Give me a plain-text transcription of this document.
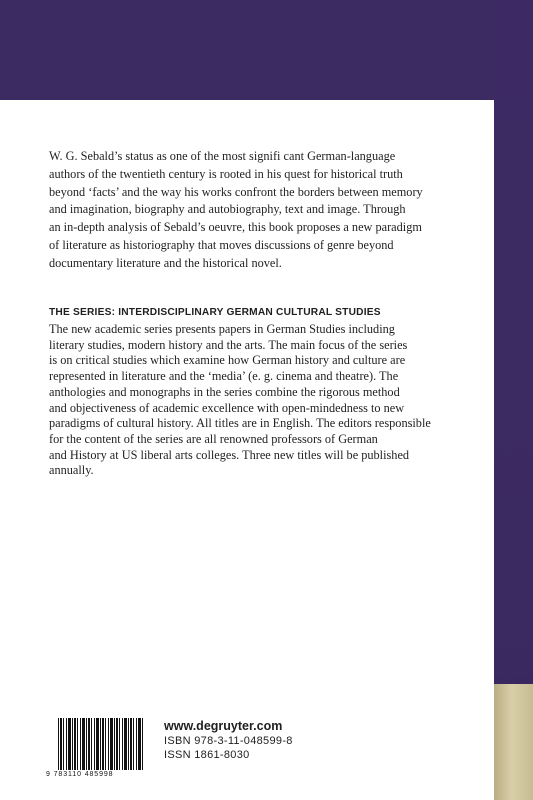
W. G. Sebald’s status as one of the most signifi cant German-language
authors of the twentieth century is rooted in his quest for historical truth
beyond ‘facts’ and the way his works confront the borders between memory
and imagination, biography and autobiography, text and image. Through
an in-depth analysis of Sebald’s oeuvre, this book proposes a new paradigm
of literature as historiography that moves discussions of genre beyond
documentary literature and the historical novel.
THE SERIES: INTERDISCIPLINARY GERMAN CULTURAL STUDIES
The new academic series presents papers in German Studies including
literary studies, modern history and the arts. The main focus of the series
is on critical studies which examine how German history and culture are
represented in literature and the ‘media’ (e. g. cinema and theatre). The
anthologies and monographs in the series combine the rigorous method
and objectiveness of academic excellence with open-mindedness to new
paradigms of cultural history. All titles are in English. The editors responsible
for the content of the series are all renowned professors of German
and History at US liberal arts colleges. Three new titles will be published
annually.
9 783110 485998
www.degruyter.com
ISBN 978-3-11-048599-8
ISSN 1861-8030
